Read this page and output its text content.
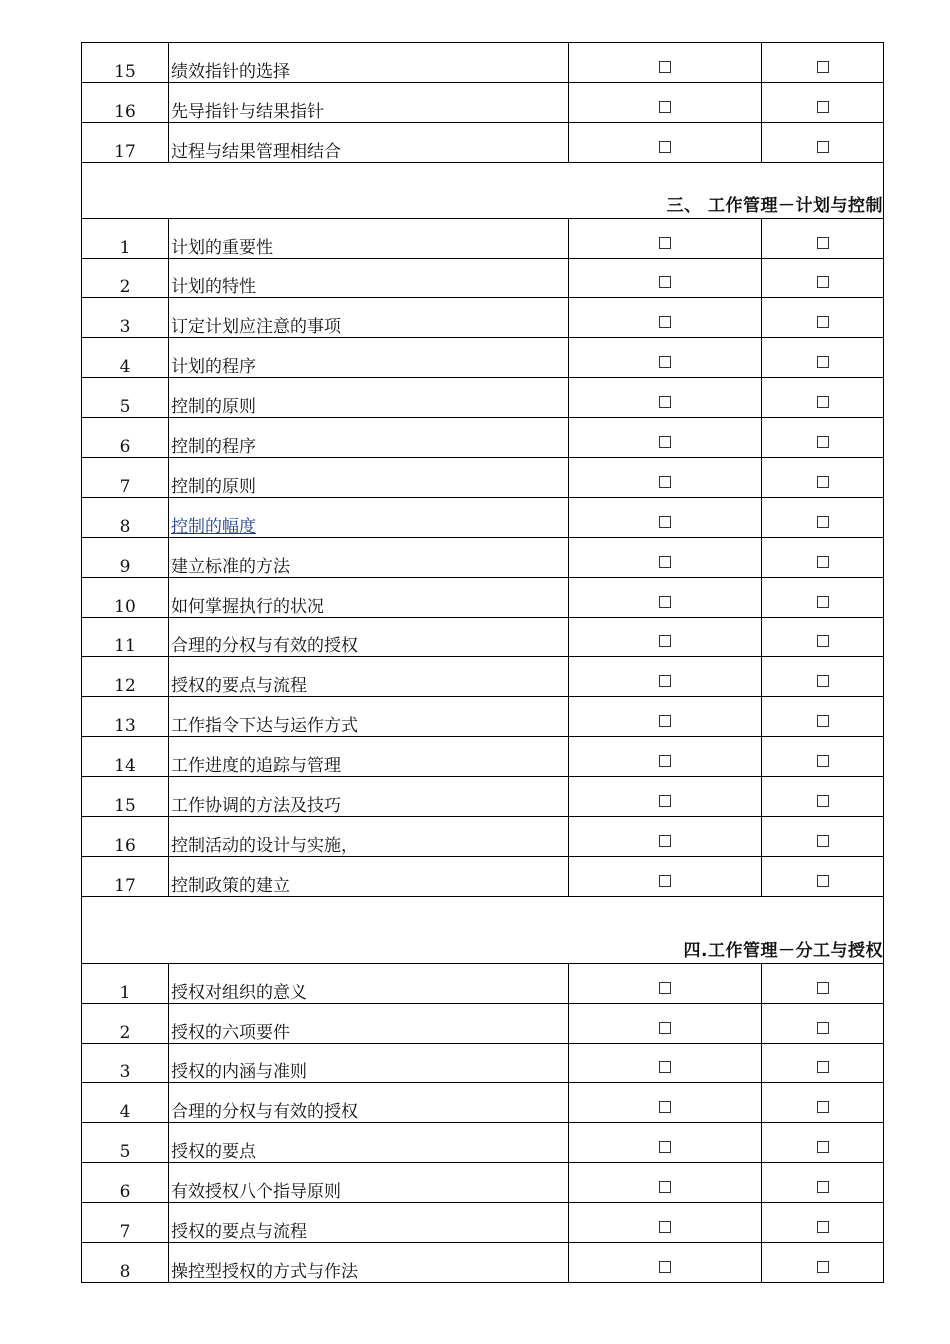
15	绩效指针的选择		
16	先导指针与结果指针		
17	过程与结果管理相结合		
三、 工作管理－计划与控制			
1	计划的重要性		
2	计划的特性		
3	订定计划应注意的事项		
4	计划的程序		
5	控制的原则		
6	控制的程序		
7	控制的原则		
8	控制的幅度		
9	建立标准的方法		
10	如何掌握执行的状况		
11	合理的分权与有效的授权		
12	授权的要点与流程		
13	工作指令下达与运作方式		
14	工作进度的追踪与管理		
15	工作协调的方法及技巧		
16	控制活动的设计与实施，		
17	控制政策的建立		
四.工作管理－分工与授权			
1	授权对组织的意义		
2	授权的六项要件		
3	授权的内涵与准则		
4	合理的分权与有效的授权		
5	授权的要点		
6	有效授权八个指导原则		
7	授权的要点与流程		
8	操控型授权的方式与作法		
